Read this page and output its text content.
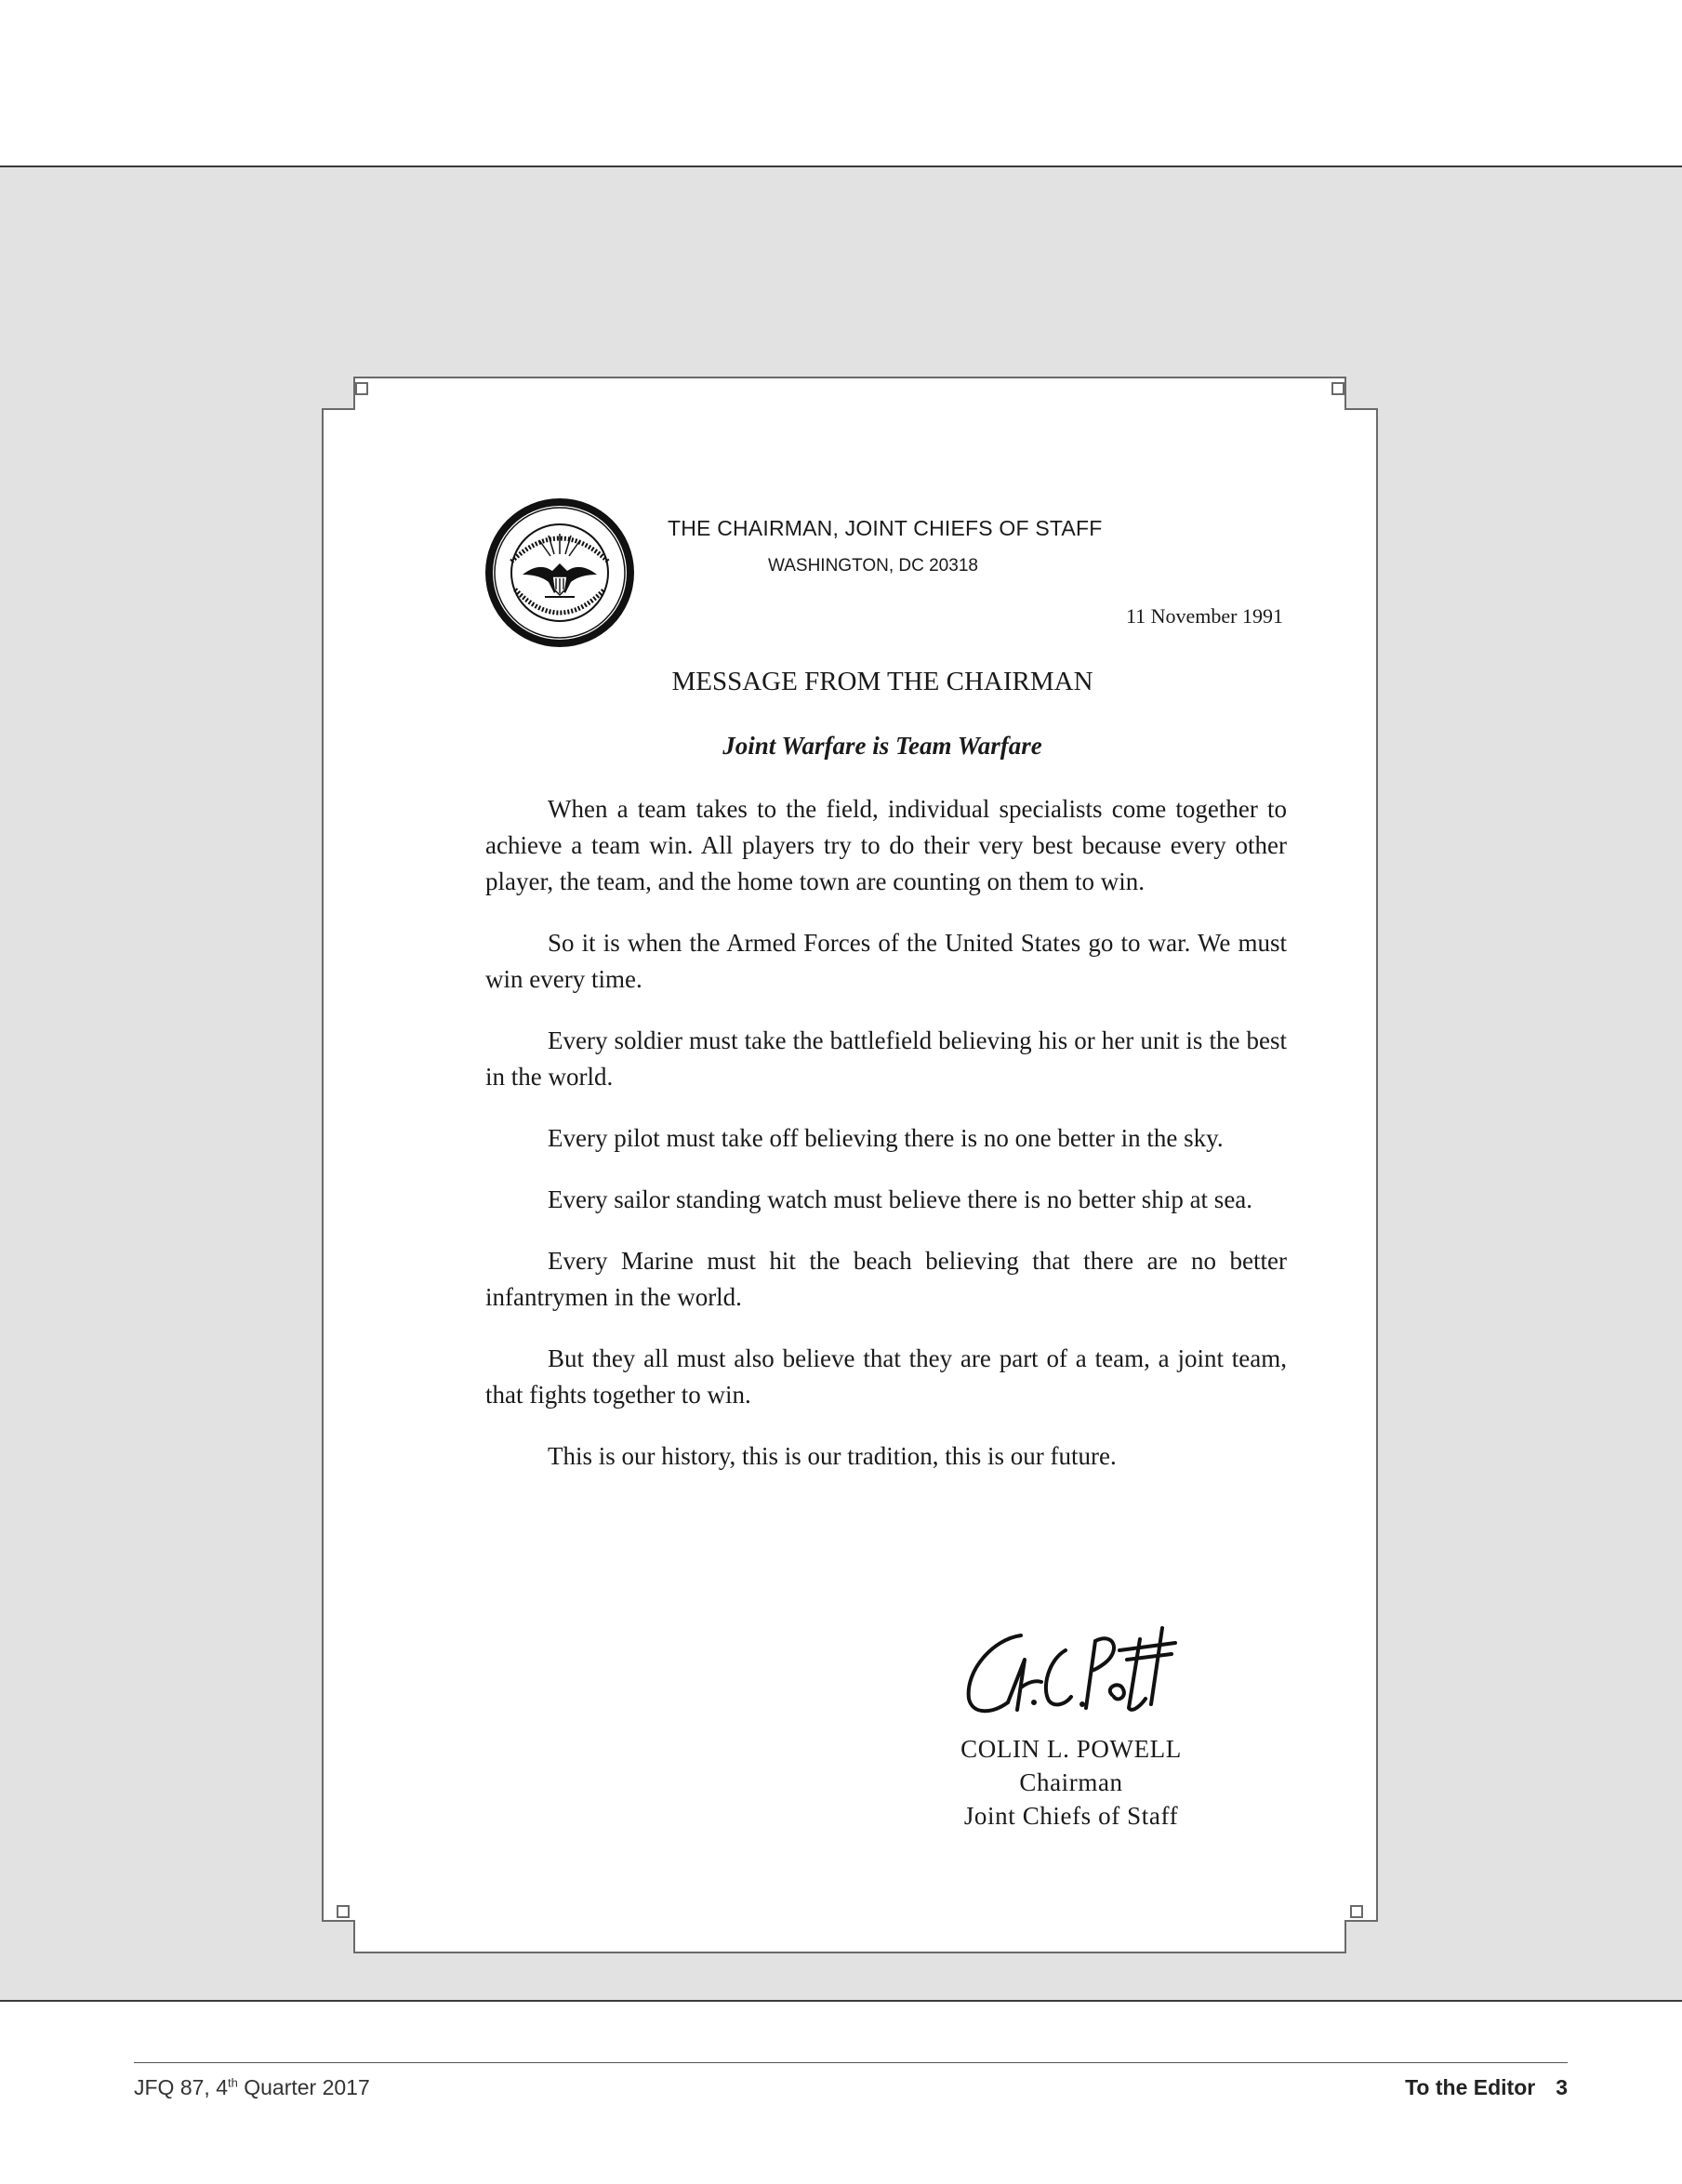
THE CHAIRMAN, JOINT CHIEFS OF STAFF
WASHINGTON, DC 20318
11 November 1991
MESSAGE FROM THE CHAIRMAN
Joint Warfare is Team Warfare

When a team takes to the field, individual specialists come together to achieve a team win. All players try to do their very best because every other player, the team, and the home town are counting on them to win.

So it is when the Armed Forces of the United States go to war. We must win every time.

Every soldier must take the battlefield believing his or her unit is the best in the world.

Every pilot must take off believing there is no one better in the sky.

Every sailor standing watch must believe there is no better ship at sea.

Every Marine must hit the beach believing that there are no better infantrymen in the world.

But they all must also believe that they are part of a team, a joint team, that fights together to win.

This is our history, this is our tradition, this is our future.

COLIN L. POWELL
Chairman
Joint Chiefs of Staff
JFQ 87, 4th Quarter 2017	To the Editor 3
